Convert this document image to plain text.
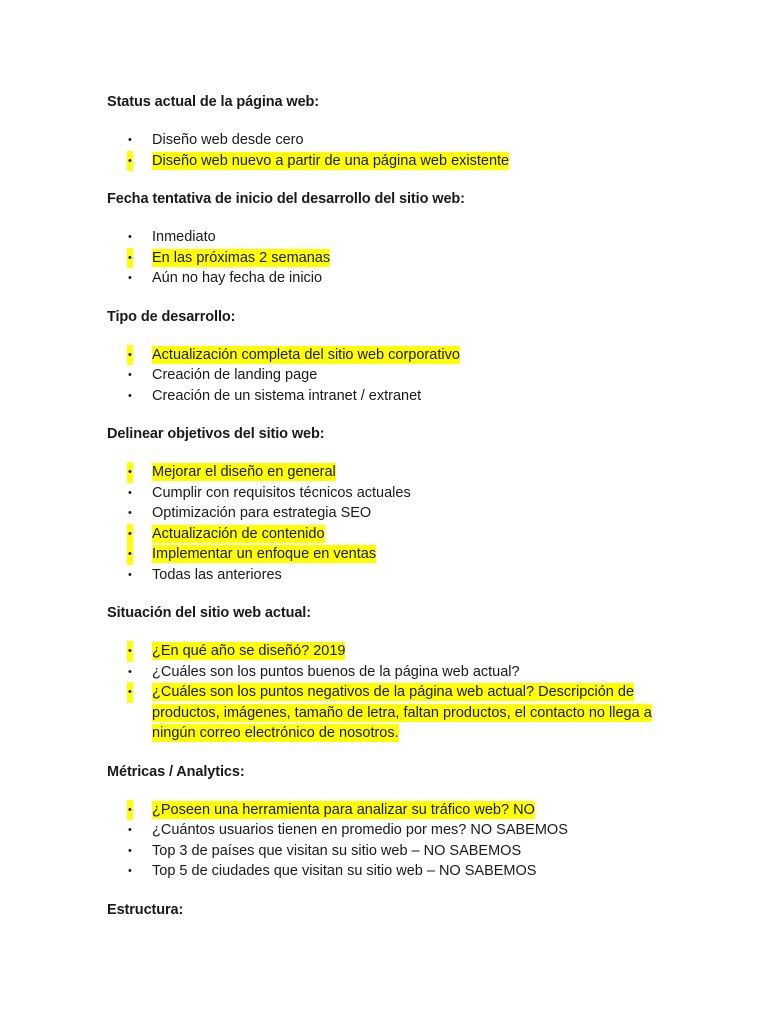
Status actual de la página web:

• Diseño web desde cero
• Diseño web nuevo a partir de una página web existente

Fecha tentativa de inicio del desarrollo del sitio web:

• Inmediato
• En las próximas 2 semanas
• Aún no hay fecha de inicio

Tipo de desarrollo:

• Actualización completa del sitio web corporativo
• Creación de landing page
• Creación de un sistema intranet / extranet

Delinear objetivos del sitio web:

• Mejorar el diseño en general
• Cumplir con requisitos técnicos actuales
• Optimización para estrategia SEO
• Actualización de contenido
• Implementar un enfoque en ventas
• Todas las anteriores

Situación del sitio web actual:

• ¿En qué año se diseñó? 2019
• ¿Cuáles son los puntos buenos de la página web actual?
• ¿Cuáles son los puntos negativos de la página web actual? Descripción de productos, imágenes, tamaño de letra, faltan productos, el contacto no llega a ningún correo electrónico de nosotros.

Métricas / Analytics:

• ¿Poseen una herramienta para analizar su tráfico web? NO
• ¿Cuántos usuarios tienen en promedio por mes? NO SABEMOS
• Top 3 de países que visitan su sitio web – NO SABEMOS
• Top 5 de ciudades que visitan su sitio web – NO SABEMOS

Estructura:
